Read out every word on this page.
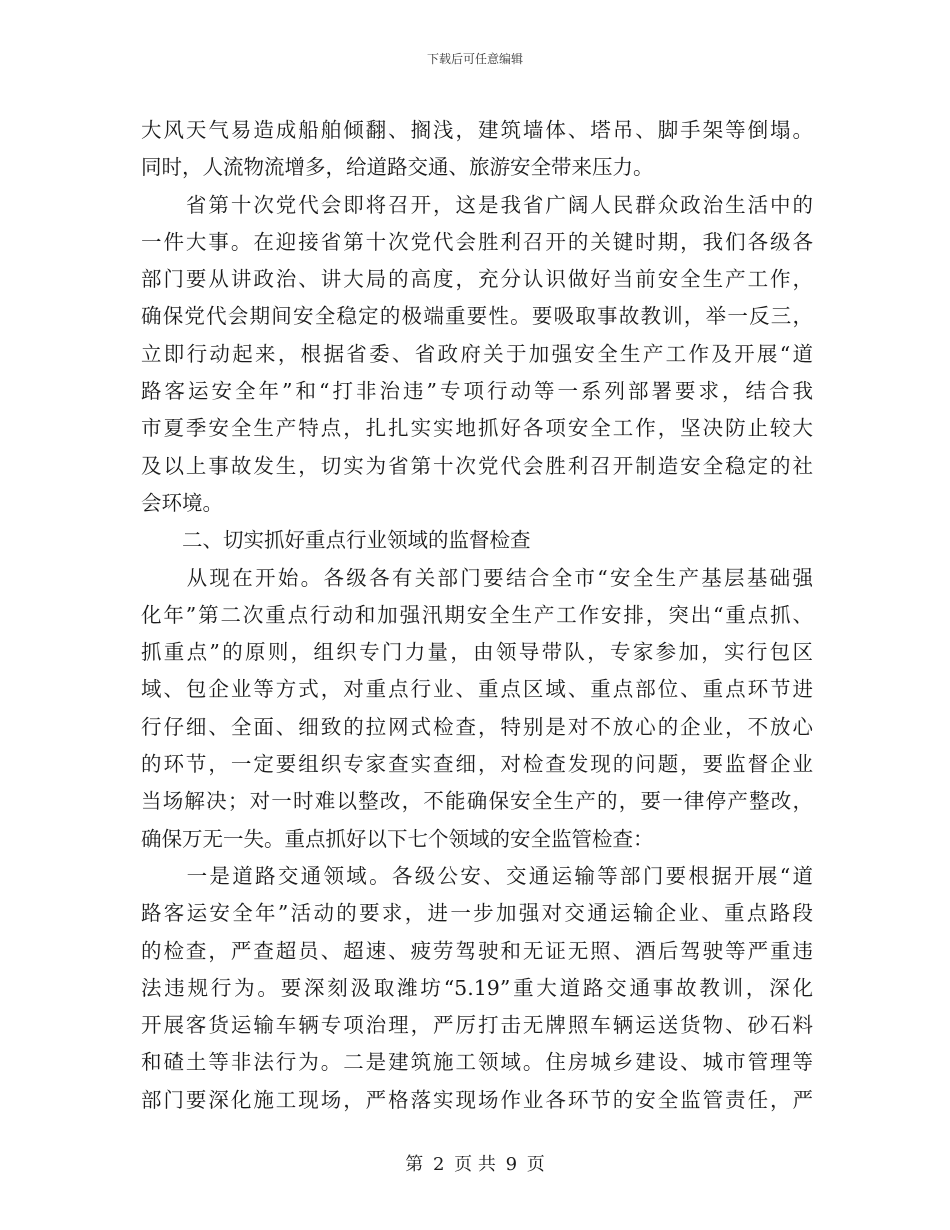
下载后可任意编辑
大风天气易造成船舶倾翻、搁浅，建筑墙体、塔吊、脚手架等倒塌。
同时，人流物流增多，给道路交通、旅游安全带来压力。
　　省第十次党代会即将召开，这是我省广阔人民群众政治生活中的
一件大事。在迎接省第十次党代会胜利召开的关键时期，我们各级各
部门要从讲政治、讲大局的高度，充分认识做好当前安全生产工作，
确保党代会期间安全稳定的极端重要性。要吸取事故教训，举一反三，
立即行动起来，根据省委、省政府关于加强安全生产工作及开展“道
路客运安全年”和“打非治违”专项行动等一系列部署要求，结合我
市夏季安全生产特点，扎扎实实地抓好各项安全工作，坚决防止较大
及以上事故发生，切实为省第十次党代会胜利召开制造安全稳定的社
会环境。
　　二、切实抓好重点行业领域的监督检查
　　从现在开始。各级各有关部门要结合全市“安全生产基层基础强
化年”第二次重点行动和加强汛期安全生产工作安排，突出“重点抓、
抓重点”的原则，组织专门力量，由领导带队，专家参加，实行包区
域、包企业等方式，对重点行业、重点区域、重点部位、重点环节进
行仔细、全面、细致的拉网式检查，特别是对不放心的企业，不放心
的环节，一定要组织专家查实查细，对检查发现的问题，要监督企业
当场解决；对一时难以整改，不能确保安全生产的，要一律停产整改，
确保万无一失。重点抓好以下七个领域的安全监管检查：
　　一是道路交通领域。各级公安、交通运输等部门要根据开展“道
路客运安全年”活动的要求，进一步加强对交通运输企业、重点路段
的检查，严查超员、超速、疲劳驾驶和无证无照、酒后驾驶等严重违
法违规行为。要深刻汲取潍坊“5.19”重大道路交通事故教训，深化
开展客货运输车辆专项治理，严厉打击无牌照车辆运送货物、砂石料
和碴土等非法行为。二是建筑施工领域。住房城乡建设、城市管理等
部门要深化施工现场，严格落实现场作业各环节的安全监管责任，严
第 2 页 共 9 页
